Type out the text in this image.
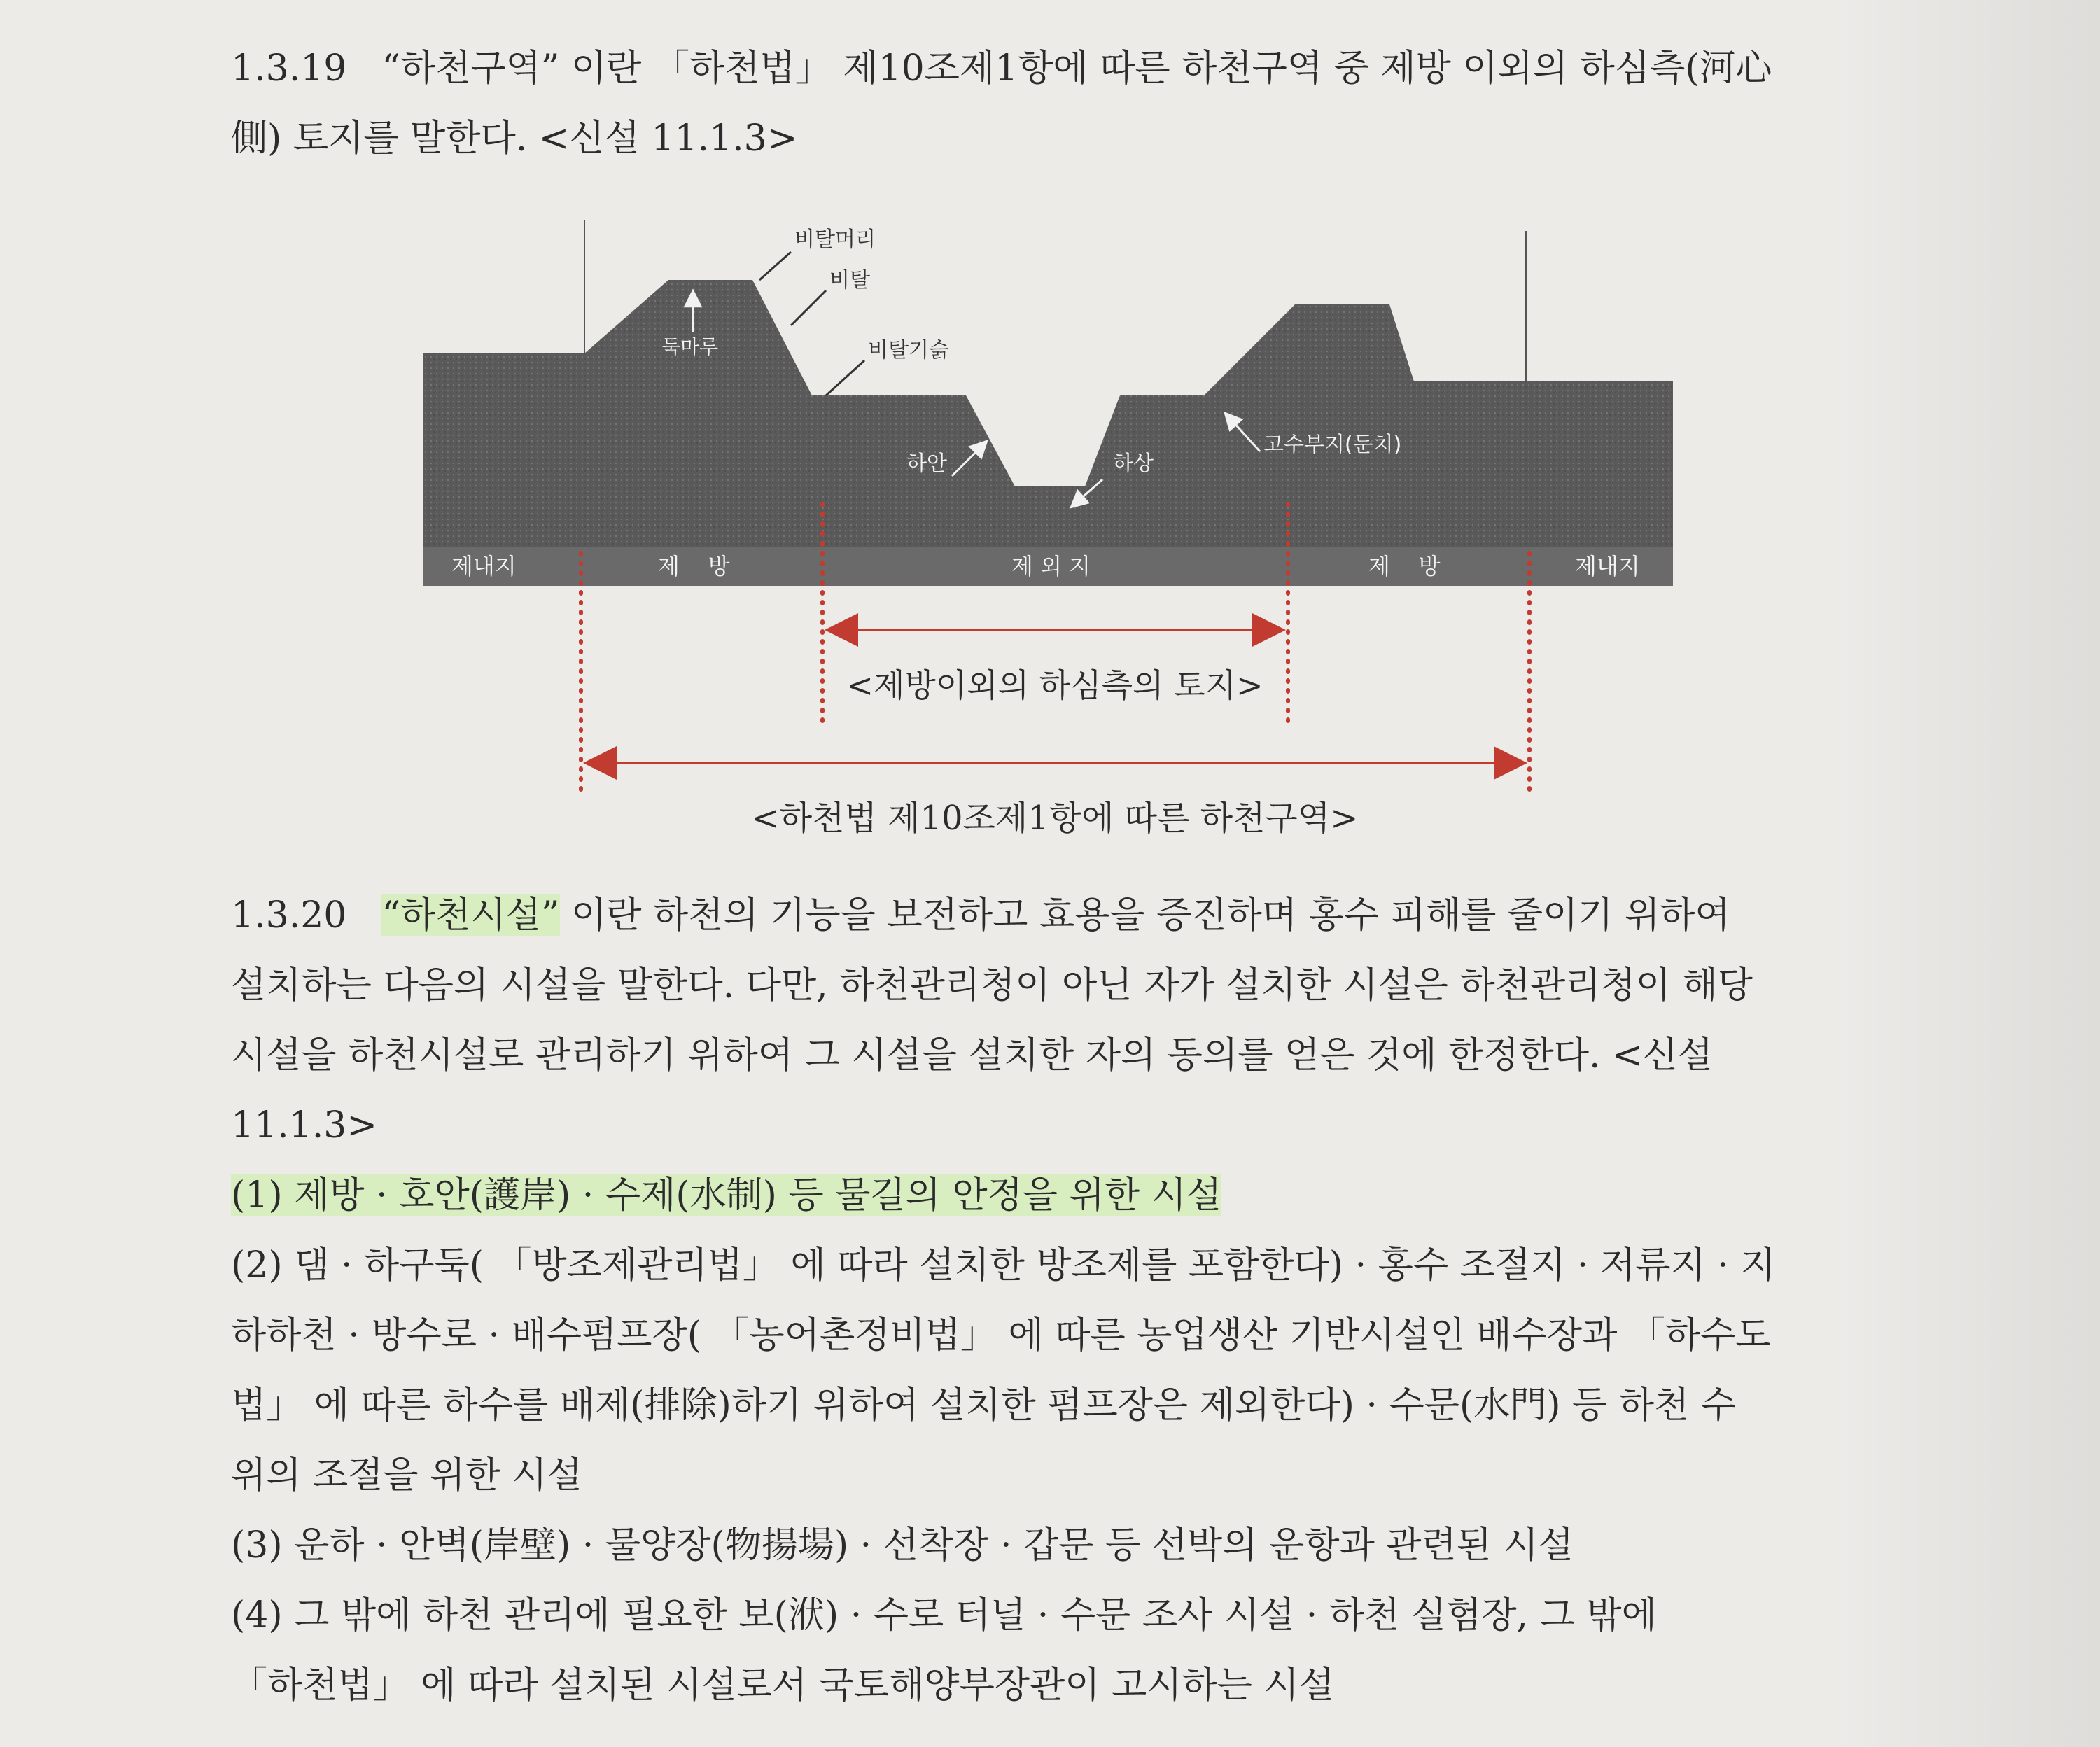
1.3.19 “하천구역” 이란 「하천법」 제10조제1항에 따른 하천구역 중 제방 이외의 하심측(河心

側) 토지를 말한다. <신설 11.1.3>

비탈머리
비탈
비탈기슭
둑마루
하안	하상
고수부지(둔치)
제내지	제    방	제 외 지	제    방	제내지
<제방이외의 하심측의 토지>
<하천법 제10조제1항에 따른 하천구역>

1.3.20 “하천시설” 이란 하천의 기능을 보전하고 효용을 증진하며 홍수 피해를 줄이기 위하여

설치하는 다음의 시설을 말한다. 다만, 하천관리청이 아닌 자가 설치한 시설은 하천관리청이 해당

시설을 하천시설로 관리하기 위하여 그 시설을 설치한 자의 동의를 얻은 것에 한정한다. <신설

11.1.3>

(1) 제방 · 호안(護岸) · 수제(水制) 등 물길의 안정을 위한 시설

(2) 댐 · 하구둑( 「방조제관리법」 에 따라 설치한 방조제를 포함한다) · 홍수 조절지 · 저류지 · 지

하하천 · 방수로 · 배수펌프장( 「농어촌정비법」 에 따른 농업생산 기반시설인 배수장과 「하수도

법」 에 따른 하수를 배제(排除)하기 위하여 설치한 펌프장은 제외한다) · 수문(水門) 등 하천 수

위의 조절을 위한 시설

(3) 운하 · 안벽(岸壁) · 물양장(物揚場) · 선착장 · 갑문 등 선박의 운항과 관련된 시설

(4) 그 밖에 하천 관리에 필요한 보(洑) · 수로 터널 · 수문 조사 시설 · 하천 실험장, 그 밖에

「하천법」 에 따라 설치된 시설로서 국토해양부장관이 고시하는 시설
